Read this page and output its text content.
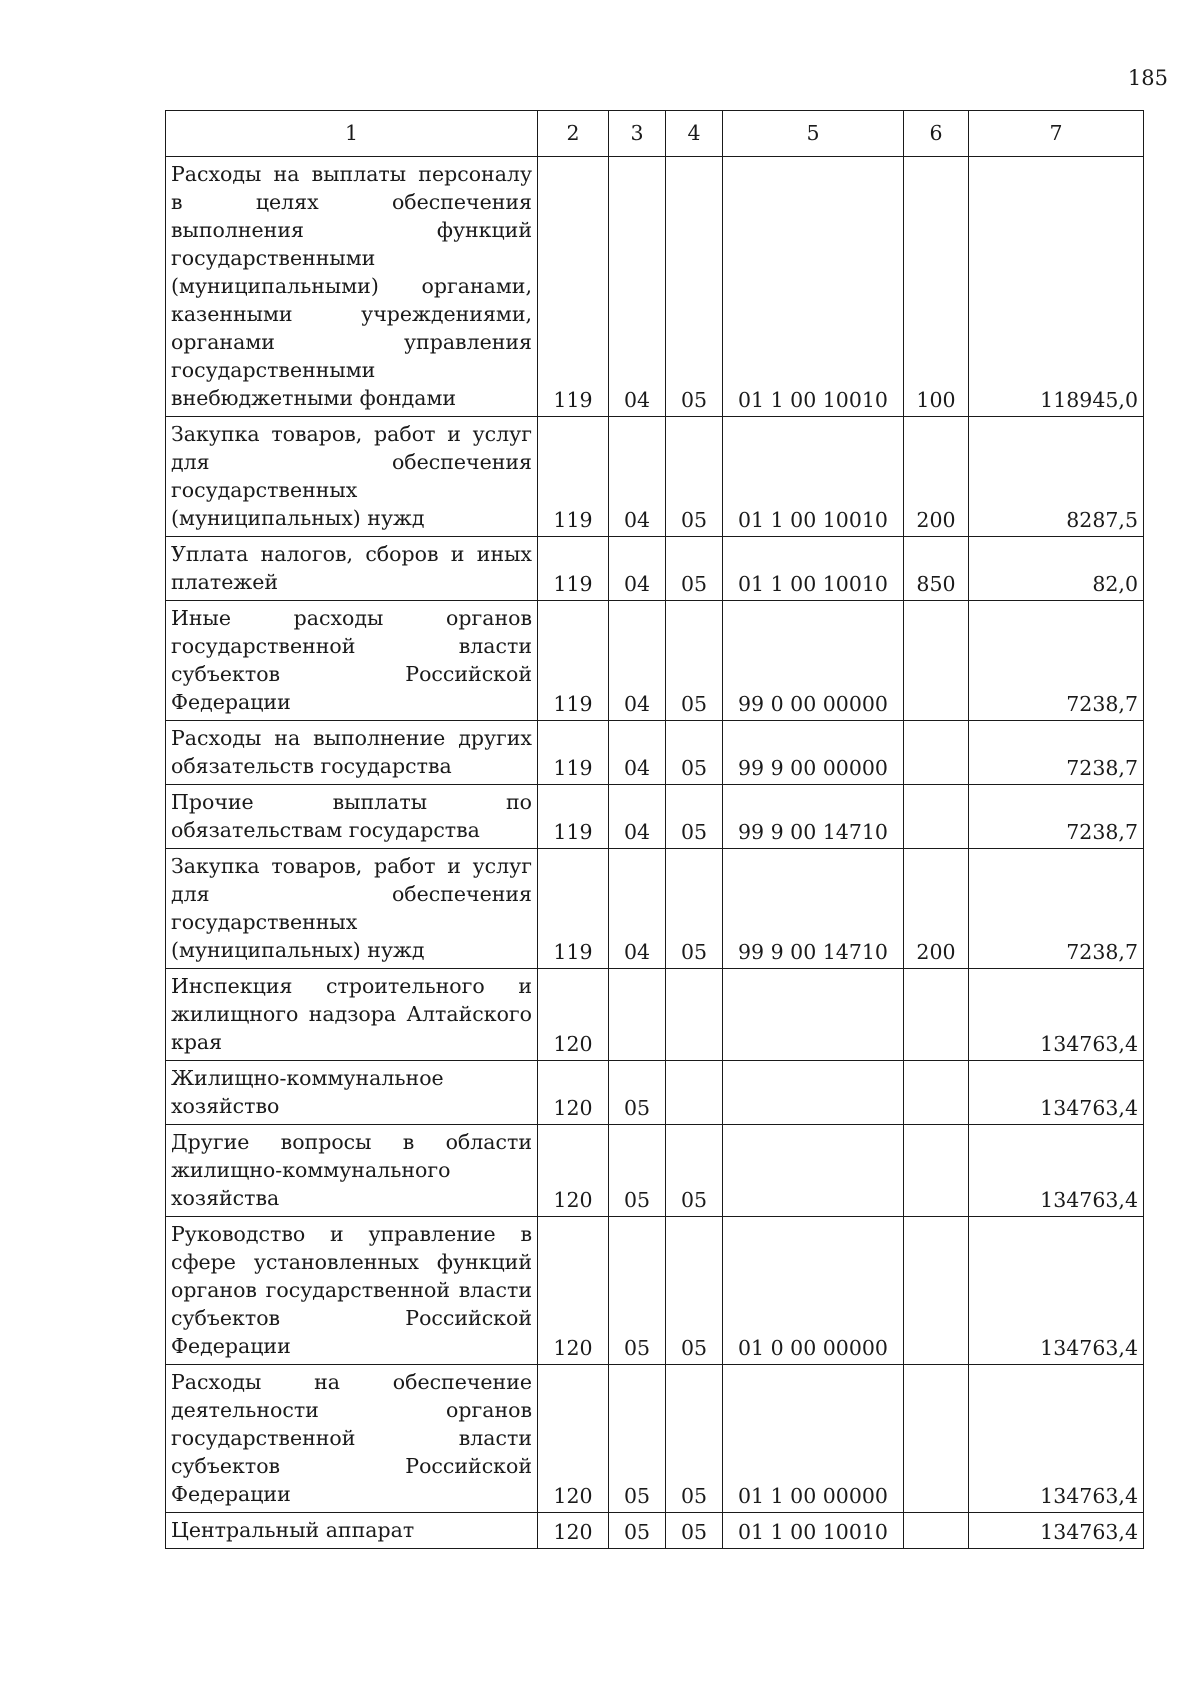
185
1	2	3	4	5	6	7
Расходы на выплаты персоналу в целях обеспечения выполнения функций государственными (муниципальными) органами, казенными учреждениями, органами управления государственными внебюджетными фондами	119	04	05	01 1 00 10010	100	118945,0
Закупка товаров, работ и услуг для обеспечения государственных (муниципальных) нужд	119	04	05	01 1 00 10010	200	8287,5
Уплата налогов, сборов и иных платежей	119	04	05	01 1 00 10010	850	82,0
Иные расходы органов государственной власти субъектов Российской Федерации	119	04	05	99 0 00 00000		7238,7
Расходы на выполнение других обязательств государства	119	04	05	99 9 00 00000		7238,7
Прочие выплаты по обязательствам государства	119	04	05	99 9 00 14710		7238,7
Закупка товаров, работ и услуг для обеспечения государственных (муниципальных) нужд	119	04	05	99 9 00 14710	200	7238,7
Инспекция строительного и жилищного надзора Алтайского края	120					134763,4
Жилищно-коммунальное хозяйство	120	05				134763,4
Другие вопросы в области жилищно-коммунального хозяйства	120	05	05			134763,4
Руководство и управление в сфере установленных функций органов государственной власти субъектов Российской Федерации	120	05	05	01 0 00 00000		134763,4
Расходы на обеспечение деятельности органов государственной власти субъектов Российской Федерации	120	05	05	01 1 00 00000		134763,4
Центральный аппарат	120	05	05	01 1 00 10010		134763,4
